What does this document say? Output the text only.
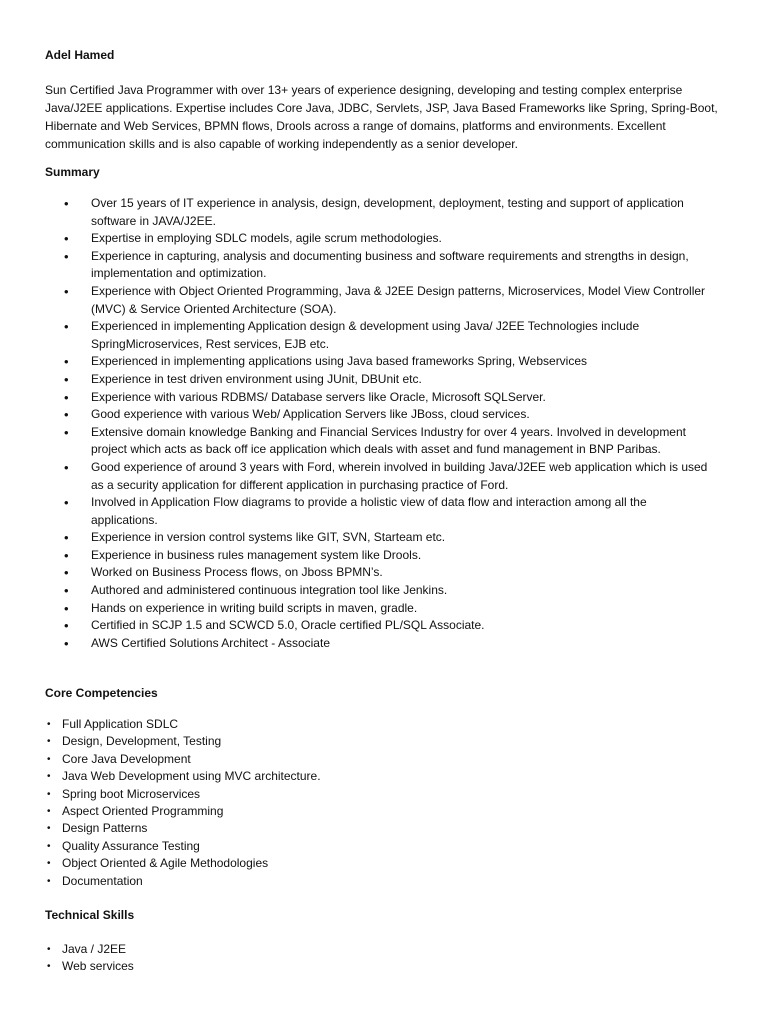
Adel Hamed
Sun Certified Java Programmer with over 13+ years of experience designing, developing and testing complex enterprise Java/J2EE applications. Expertise includes Core Java, JDBC, Servlets, JSP, Java Based Frameworks like Spring, Spring-Boot, Hibernate and Web Services, BPMN flows, Drools across a range of domains, platforms and environments. Excellent communication skills and is also capable of working independently as a senior developer.
Summary
• Over 15 years of IT experience in analysis, design, development, deployment, testing and support of application software in JAVA/J2EE.
• Expertise in employing SDLC models, agile scrum methodologies.
• Experience in capturing, analysis and documenting business and software requirements and strengths in design, implementation and optimization.
• Experience with Object Oriented Programming, Java & J2EE Design patterns, Microservices, Model View Controller (MVC) & Service Oriented Architecture (SOA).
• Experienced in implementing Application design & development using Java/ J2EE Technologies include SpringMicroservices, Rest services, EJB etc.
• Experienced in implementing applications using Java based frameworks Spring, Webservices
• Experience in test driven environment using JUnit, DBUnit etc.
• Experience with various RDBMS/ Database servers like Oracle, Microsoft SQLServer.
• Good experience with various Web/ Application Servers like JBoss, cloud services.
• Extensive domain knowledge Banking and Financial Services Industry for over 4 years. Involved in development project which acts as back off ice application which deals with asset and fund management in BNP Paribas.
• Good experience of around 3 years with Ford, wherein involved in building Java/J2EE web application which is used as a security application for different application in purchasing practice of Ford.
• Involved in Application Flow diagrams to provide a holistic view of data flow and interaction among all the applications.
• Experience in version control systems like GIT, SVN, Starteam etc.
• Experience in business rules management system like Drools.
• Worked on Business Process flows, on Jboss BPMN’s.
• Authored and administered continuous integration tool like Jenkins.
• Hands on experience in writing build scripts in maven, gradle.
• Certified in SCJP 1.5 and SCWCD 5.0, Oracle certified PL/SQL Associate.
• AWS Certified Solutions Architect - Associate
Core Competencies
• Full Application SDLC
• Design, Development, Testing
• Core Java Development
• Java Web Development using MVC architecture.
• Spring boot Microservices
• Aspect Oriented Programming
• Design Patterns
• Quality Assurance Testing
• Object Oriented & Agile Methodologies
• Documentation
Technical Skills
• Java / J2EE
• Web services
